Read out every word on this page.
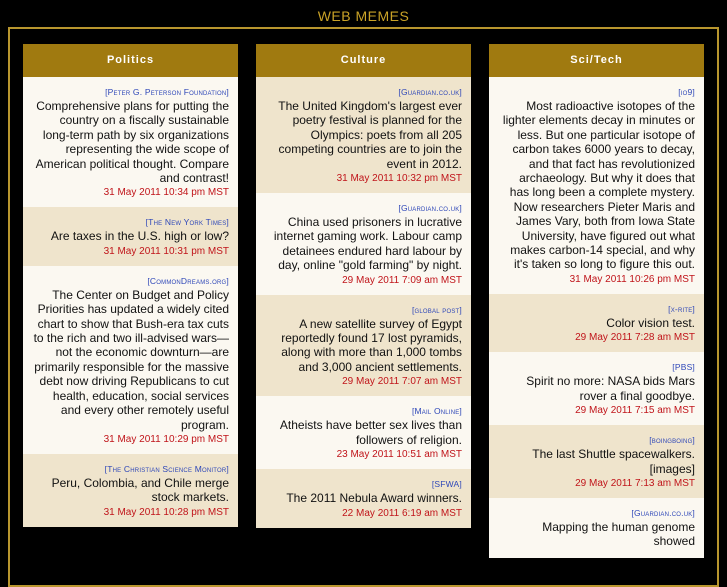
WEB MEMES
Politics
[Peter G. Peterson Foundation]
Comprehensive plans for putting the country on a fiscally sustainable long-term path by six organizations representing the wide scope of American political thought. Compare and contrast!
31 May 2011 10:34 pm MST
[The New York Times]
Are taxes in the U.S. high or low?
31 May 2011 10:31 pm MST
[CommonDreams.org]
The Center on Budget and Policy Priorities has updated a widely cited chart to show that Bush-era tax cuts to the rich and two ill-advised wars—not the economic downturn—are primarily responsible for the massive debt now driving Republicans to cut health, education, social services and every other remotely useful program.
31 May 2011 10:29 pm MST
[The Christian Science Monitor]
Peru, Colombia, and Chile merge stock markets.
31 May 2011 10:28 pm MST
Culture
[Guardian.co.uk]
The United Kingdom's largest ever poetry festival is planned for the Olympics: poets from all 205 competing countries are to join the event in 2012.
31 May 2011 10:32 pm MST
[Guardian.co.uk]
China used prisoners in lucrative internet gaming work. Labour camp detainees endured hard labour by day, online "gold farming" by night.
29 May 2011 7:09 am MST
[global post]
A new satellite survey of Egypt reportedly found 17 lost pyramids, along with more than 1,000 tombs and 3,000 ancient settlements.
29 May 2011 7:07 am MST
[Mail Online]
Atheists have better sex lives than followers of religion.
23 May 2011 10:51 am MST
[SFWA]
The 2011 Nebula Award winners.
22 May 2011 6:19 am MST
Sci/Tech
[io9]
Most radioactive isotopes of the lighter elements decay in minutes or less. But one particular isotope of carbon takes 6000 years to decay, and that fact has revolutionized archaeology. But why it does that has long been a complete mystery. Now researchers Pieter Maris and James Vary, both from Iowa State University, have figured out what makes carbon-14 special, and why it's taken so long to figure this out.
31 May 2011 10:26 pm MST
[x-rite]
Color vision test.
29 May 2011 7:28 am MST
[PBS]
Spirit no more: NASA bids Mars rover a final goodbye.
29 May 2011 7:15 am MST
[boingboing]
The last Shuttle spacewalkers. [images]
29 May 2011 7:13 am MST
[Guardian.co.uk]
Mapping the human genome showed
